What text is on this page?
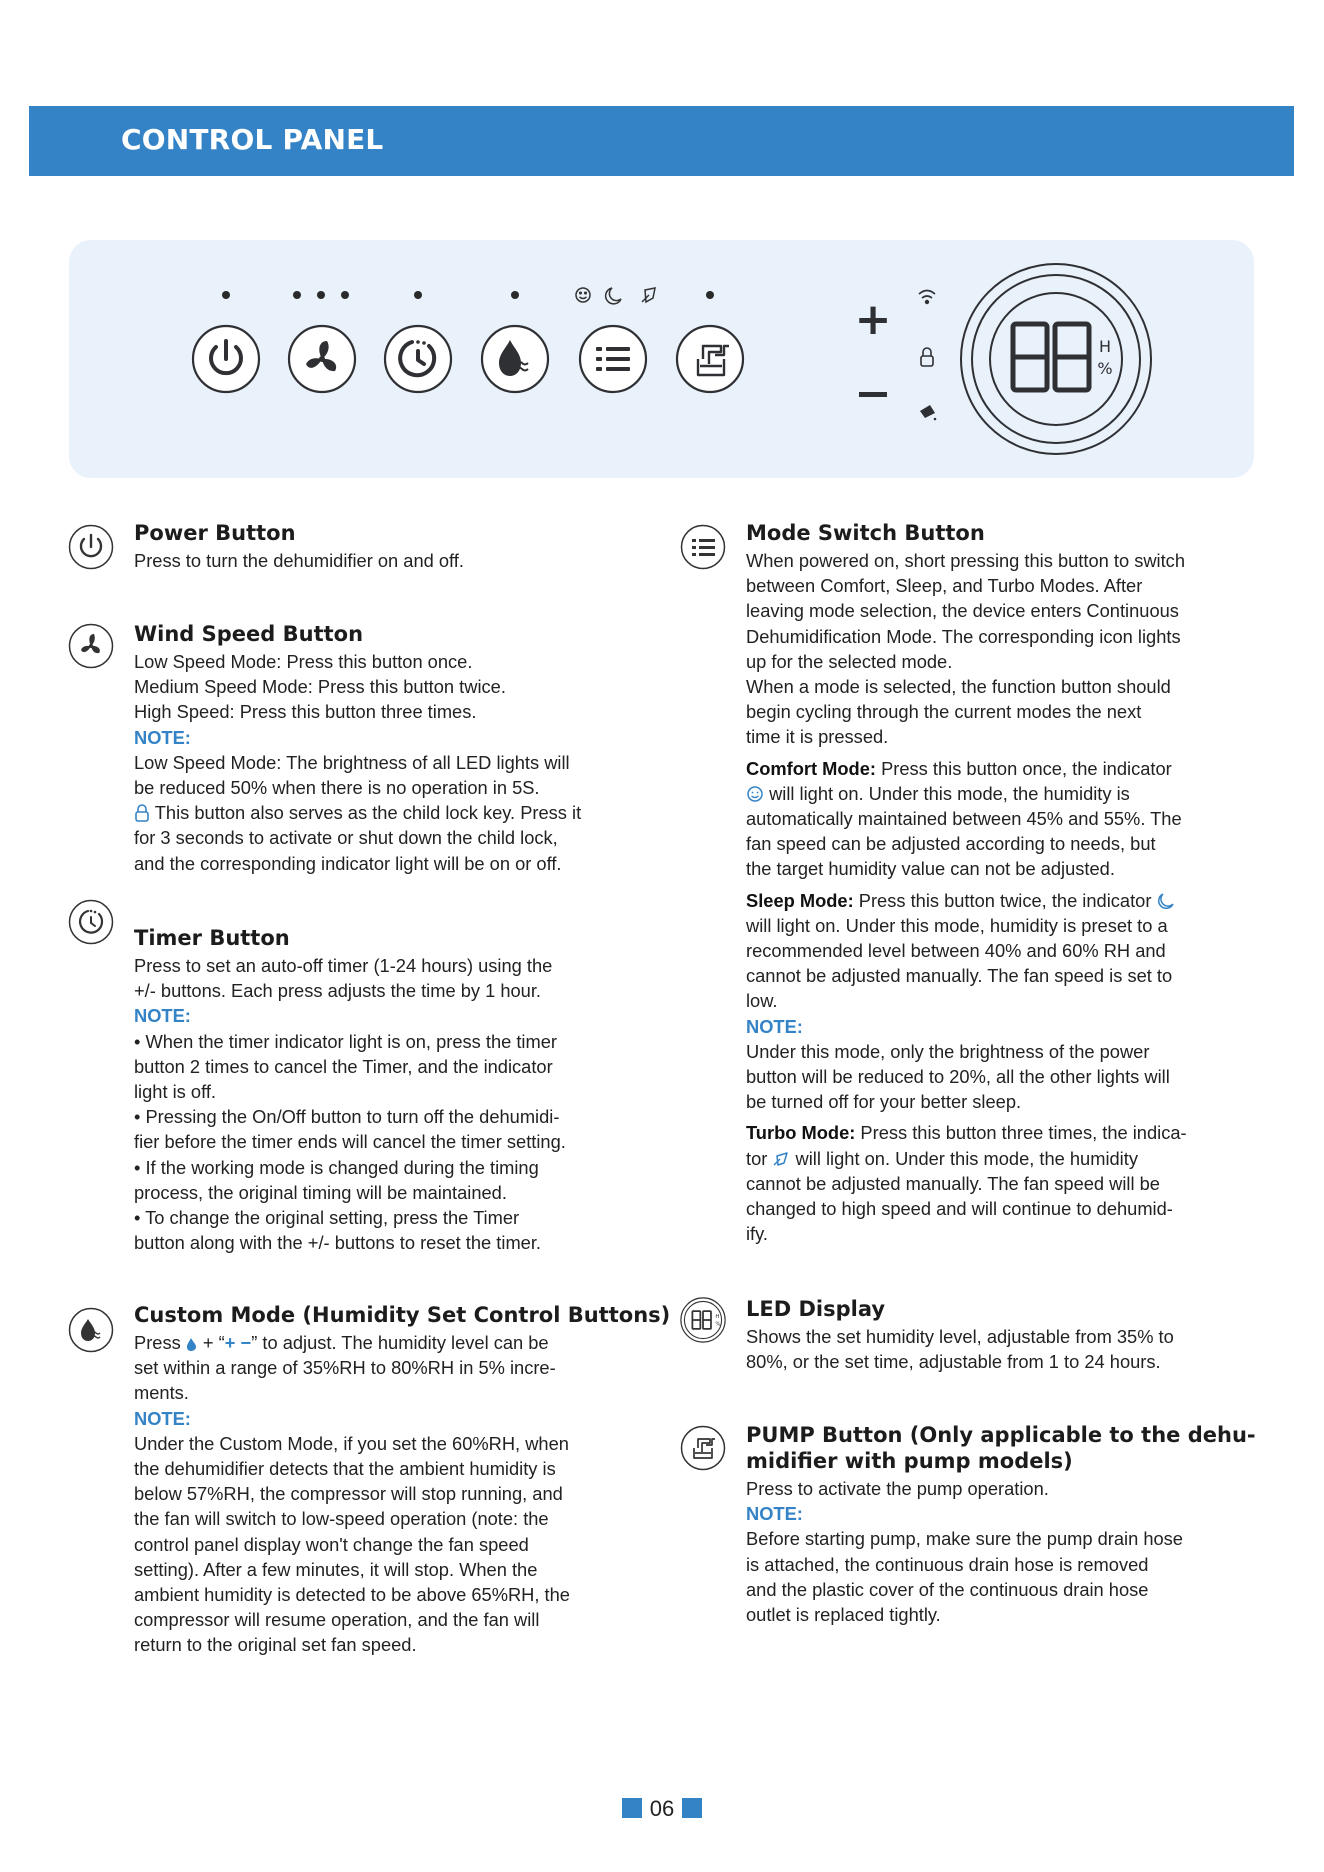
CONTROL PANEL
+
H
%
Power Button

Press to turn the dehumidifier on and off.

Wind Speed Button

Low Speed Mode: Press this button once.

Medium Speed Mode: Press this button twice.

High Speed: Press this button three times.

NOTE:

Low Speed Mode: The brightness of all LED lights will

be reduced 50% when there is no operation in 5S.

This button also serves as the child lock key. Press it

for 3 seconds to activate or shut down the child lock,

and the corresponding indicator light will be on or off.

Timer Button

Press to set an auto-off timer (1-24 hours) using the

+/- buttons. Each press adjusts the time by 1 hour.

NOTE:

• When the timer indicator light is on, press the timer

button 2 times to cancel the Timer, and the indicator

light is off.

• Pressing the On/Off button to turn off the dehumidi-

fier before the timer ends will cancel the timer setting.

• If the working mode is changed during the timing

process, the original timing will be maintained.

• To change the original setting, press the Timer

button along with the +/- buttons to reset the timer.

Custom Mode (Humidity Set Control Buttons)

Press + “+ −” to adjust. The humidity level can be

set within a range of 35%RH to 80%RH in 5% incre-

ments.

NOTE:

Under the Custom Mode, if you set the 60%RH, when

the dehumidifier detects that the ambient humidity is

below 57%RH, the compressor will stop running, and

the fan will switch to low-speed operation (note: the

control panel display won't change the fan speed

setting). After a few minutes, it will stop. When the

ambient humidity is detected to be above 65%RH, the

compressor will resume operation, and the fan will

return to the original set fan speed.

Mode Switch Button

When powered on, short pressing this button to switch

between Comfort, Sleep, and Turbo Modes. After

leaving mode selection, the device enters Continuous

Dehumidification Mode. The corresponding icon lights

up for the selected mode.

When a mode is selected, the function button should

begin cycling through the current modes the next

time it is pressed.

Comfort Mode: Press this button once, the indicator

will light on. Under this mode, the humidity is

automatically maintained between 45% and 55%. The

fan speed can be adjusted according to needs, but

the target humidity value can not be adjusted.

Sleep Mode: Press this button twice, the indicator

will light on. Under this mode, humidity is preset to a

recommended level between 40% and 60% RH and

cannot be adjusted manually. The fan speed is set to

low.

NOTE:

Under this mode, only the brightness of the power

button will be reduced to 20%, all the other lights will

be turned off for your better sleep.

Turbo Mode: Press this button three times, the indica-

tor will light on. Under this mode, the humidity

cannot be adjusted manually. The fan speed will be

changed to high speed and will continue to dehumid-

ify.

H
%
LED Display

Shows the set humidity level, adjustable from 35% to

80%, or the set time, adjustable from 1 to 24 hours.

PUMP Button (Only applicable to the dehu-
midifier with pump models)

Press to activate the pump operation.

NOTE:

Before starting pump, make sure the pump drain hose

is attached, the continuous drain hose is removed

and the plastic cover of the continuous drain hose

outlet is replaced tightly.

06
